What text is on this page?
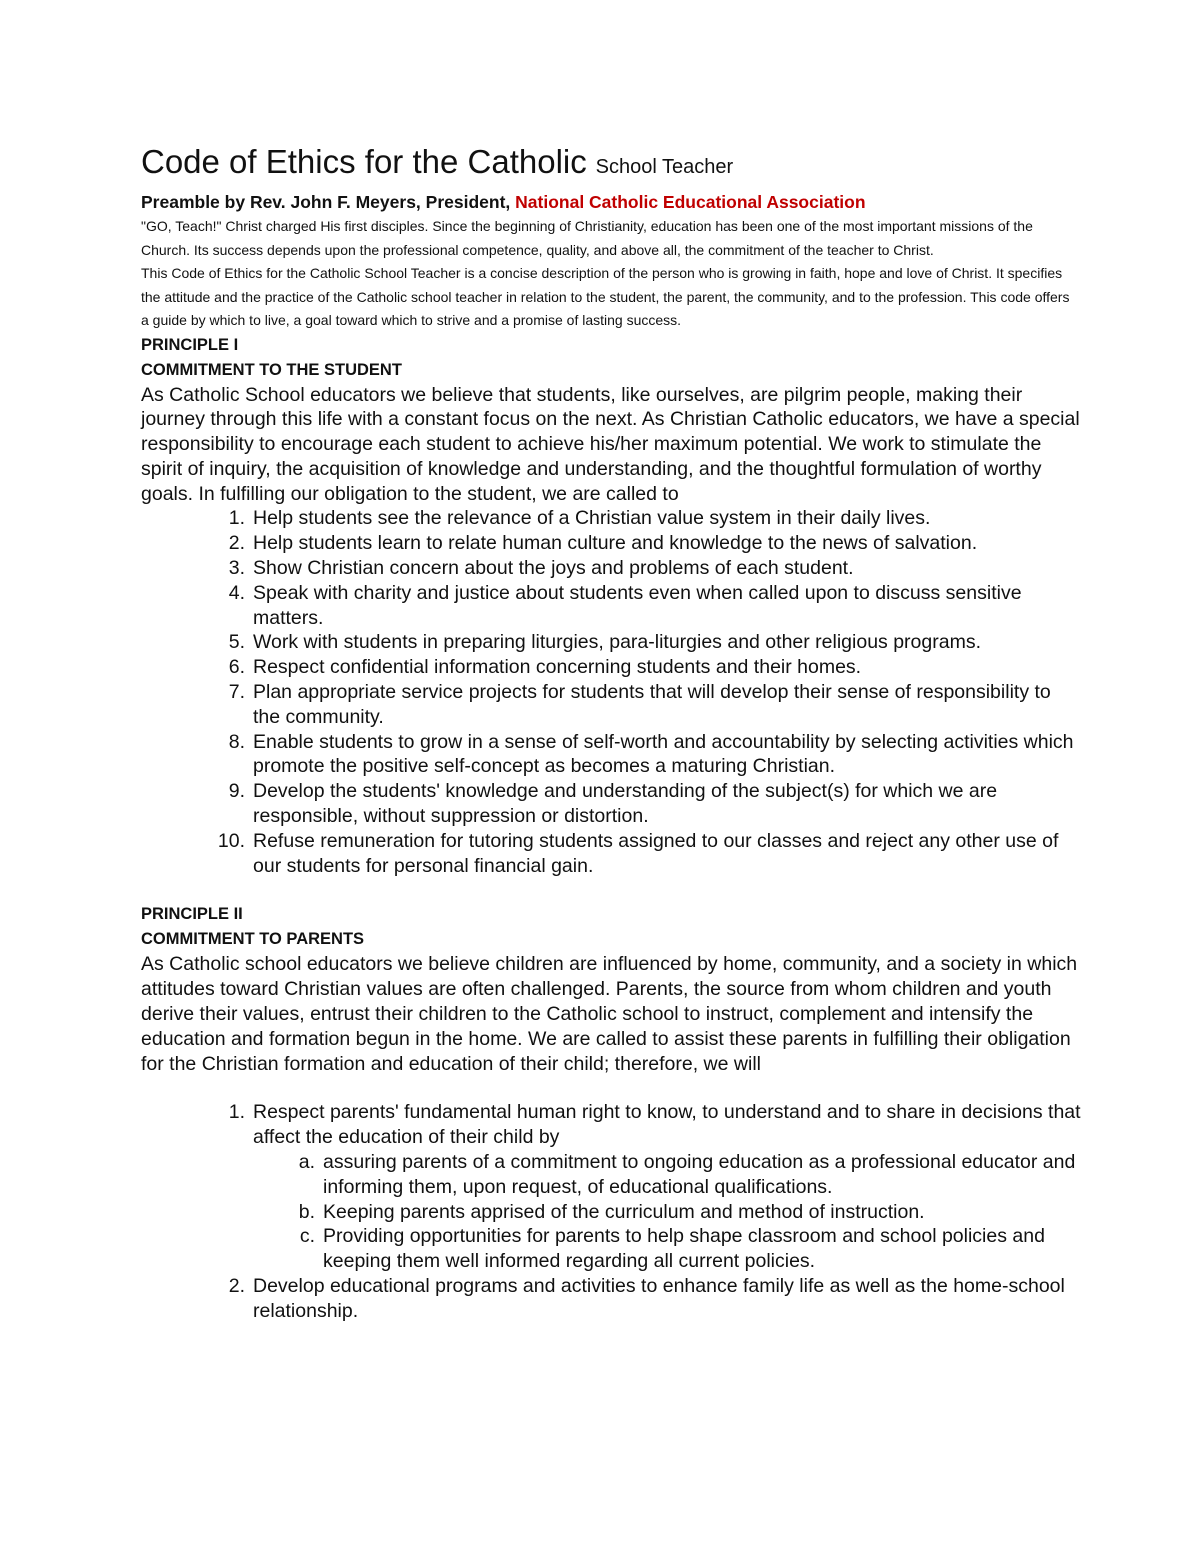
Code of Ethics for the Catholic School Teacher
Preamble by Rev. John F. Meyers, President, National Catholic Educational Association

"GO, Teach!" Christ charged His first disciples. Since the beginning of Christianity, education has been one of the most important missions of the Church. Its success depends upon the professional competence, quality, and above all, the commitment of the teacher to Christ.

This Code of Ethics for the Catholic School Teacher is a concise description of the person who is growing in faith, hope and love of Christ. It specifies the attitude and the practice of the Catholic school teacher in relation to the student, the parent, the community, and to the profession. This code offers a guide by which to live, a goal toward which to strive and a promise of lasting success.

PRINCIPLE I
COMMITMENT TO THE STUDENT

As Catholic School educators we believe that students, like ourselves, are pilgrim people, making their journey through this life with a constant focus on the next. As Christian Catholic educators, we have a special responsibility to encourage each student to achieve his/her maximum potential. We work to stimulate the spirit of inquiry, the acquisition of knowledge and understanding, and the thoughtful formulation of worthy goals. In fulfilling our obligation to the student, we are called to

1. Help students see the relevance of a Christian value system in their daily lives.
2. Help students learn to relate human culture and knowledge to the news of salvation.
3. Show Christian concern about the joys and problems of each student.
4. Speak with charity and justice about students even when called upon to discuss sensitive matters.
5. Work with students in preparing liturgies, para-liturgies and other religious programs.
6. Respect confidential information concerning students and their homes.
7. Plan appropriate service projects for students that will develop their sense of responsibility to the community.
8. Enable students to grow in a sense of self-worth and accountability by selecting activities which promote the positive self-concept as becomes a maturing Christian.
9. Develop the students' knowledge and understanding of the subject(s) for which we are responsible, without suppression or distortion.
10. Refuse remuneration for tutoring students assigned to our classes and reject any other use of our students for personal financial gain.
PRINCIPLE II
COMMITMENT TO PARENTS

As Catholic school educators we believe children are influenced by home, community, and a society in which attitudes toward Christian values are often challenged. Parents, the source from whom children and youth derive their values, entrust their children to the Catholic school to instruct, complement and intensify the education and formation begun in the home. We are called to assist these parents in fulfilling their obligation for the Christian formation and education of their child; therefore, we will

1. Respect parents' fundamental human right to know, to understand and to share in decisions that affect the education of their child by
a. assuring parents of a commitment to ongoing education as a professional educator and informing them, upon request, of educational qualifications.
b. Keeping parents apprised of the curriculum and method of instruction.
c. Providing opportunities for parents to help shape classroom and school policies and keeping them well informed regarding all current policies.
2. Develop educational programs and activities to enhance family life as well as the home-school relationship.
